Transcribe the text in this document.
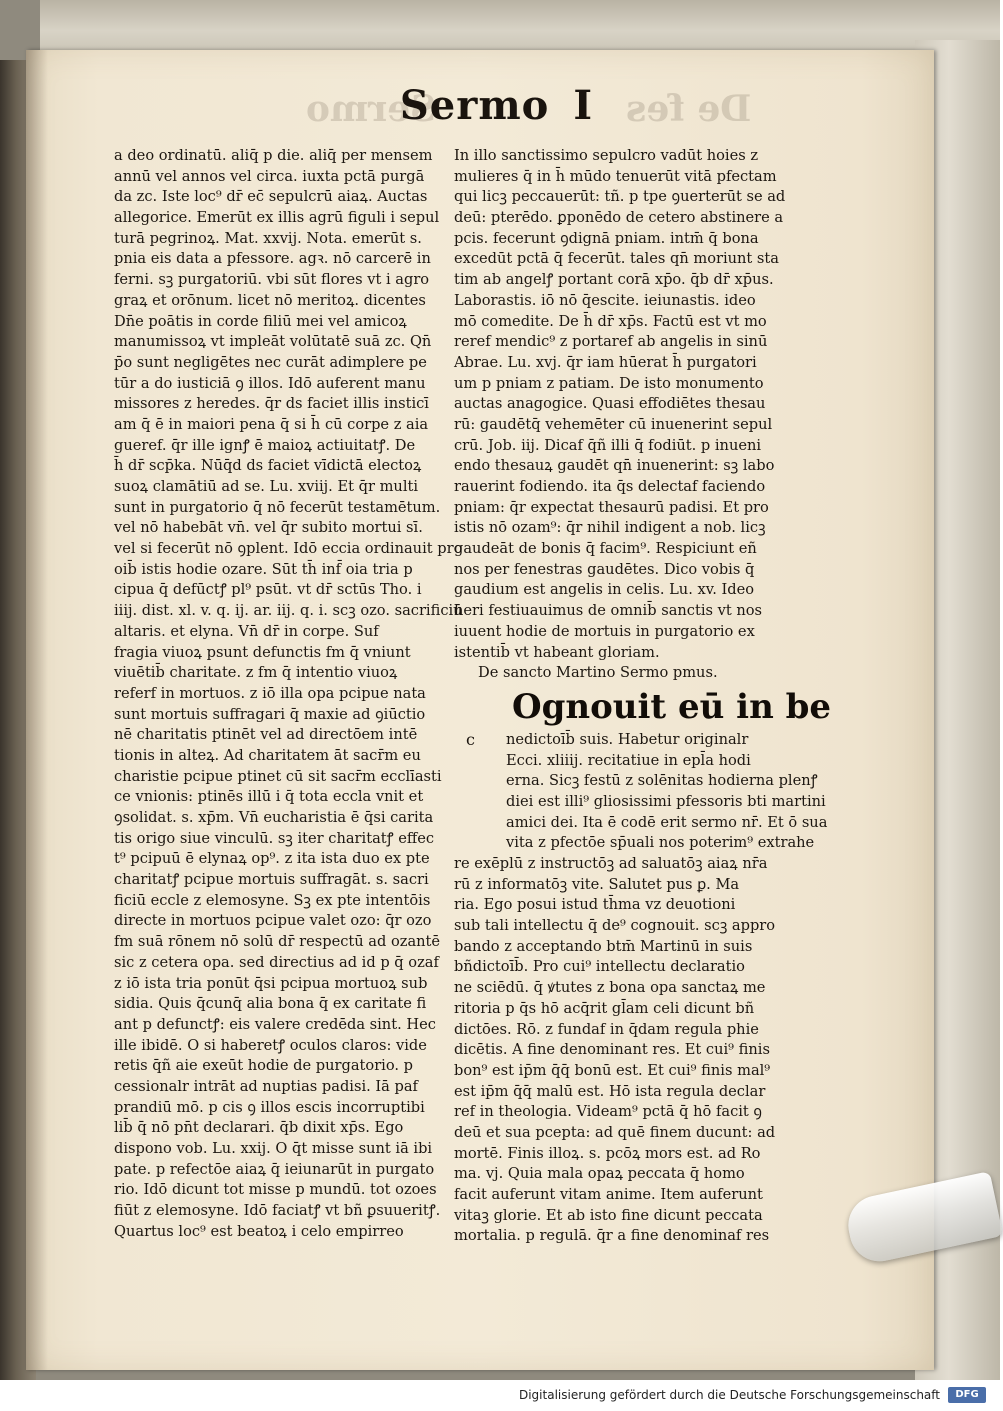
Sermo	De fes
Sermo I
a deo ordinatū. aliq̄ p die. aliq̄ per mensem
annū vel annos vel circa. iuxta pctā purgā
da zc. Iste loc⁹ dr̄ ec̄ sepulcrū aiaꝝ. Auctas
allegorice. Emerūt ex illis agrū figuli i sepul
turā pegrinoꝝ. Mat. xxvij. Nota. emerūt s.
pnia eis data a pfessore. agꝛ. nō carcerē in
ferni. sꝫ purgatoriū. vbi sūt flores vt i agro
graꝝ et orōnum. licet nō meritoꝝ. dicentes
Dn̄e poātis in corde filiū mei vel amicoꝝ
manumissoꝝ vt impleāt volūtatē suā zc. Qn̄
p̄o sunt negligētes nec curāt adimplere pe
tūr a do iusticiā ꝯ illos. Idō auferent manu
missores z heredes. q̄r ds faciet illis insticī
am q̄ ē in maiori pena q̄ si h̄ cū corpe z aia
gueref. q̄r ille ignꝭ ē maioꝝ actiuitatꝭ. De
h̄ dr̄ scp̄ka. Nūq̄d ds faciet vīdictā electoꝝ
suoꝝ clamātiū ad se. Lu. xviij. Et q̄r multi
sunt in purgatorio q̄ nō fecerūt testamētum.
vel nō habebāt vn̄. vel q̄r subito mortui sī.
vel si fecerūt nō ꝯplent. Idō eccia ordinauit pro
oib̄ istis hodie ozare. Sūt th̄ inf̄ oia tria p
cipua q̄ defūctꝭ pl⁹ psūt. vt dr̄ sctūs Tho. i
iiij. dist. xl. v. q. ij. ar. iij. q. i. scꝫ ozo. sacrificiū
altaris. et elyna. Vn̄ dr̄ in corpe. Suf
fragia viuoꝝ psunt defunctis fm q̄ vniunt
viuētib̄ charitate. z fm q̄ intentio viuoꝝ
referf in mortuos. z iō illa opa pcipue nata
sunt mortuis suffragari q̄ maxie ad ꝯiūctio
nē charitatis ptinēt vel ad directōem intē
tionis in alteꝝ. Ad charitatem āt sacr̄m eu
charistie pcipue ptinet cū sit sacr̄m ecclīasti
ce vnionis: ptinēs illū i q̄ tota eccla vnit et
ꝯsolidat. s. xp̄m. Vn̄ eucharistia ē q̄si carita
tis origo siue vinculū. sꝫ iter charitatꝭ effec
t⁹ pcipuū ē elynaꝝ op⁹. z ita ista duo ex pte
charitatꝭ pcipue mortuis suffragāt. s. sacri
ficiū eccle z elemosyne. Sꝫ ex pte intentōis
directe in mortuos pcipue valet ozo: q̄r ozo
fm suā rōnem nō solū dr̄ respectū ad ozantē
sic z cetera opa. sed directius ad id p q̄ ozaf
z iō ista tria ponūt q̄si pcipua mortuoꝝ sub
sidia. Quis q̄cunq̄ alia bona q̄ ex caritate fi
ant p defunctꝭ: eis valere credēda sint. Hec
ille ibidē. O si haberetꝭ oculos claros: vide
retis q̄ñ aie exeūt hodie de purgatorio. p
cessionalr intrāt ad nuptias padisi. Iā paf
prandiū mō. p cis ꝯ illos escis incorruptibi
lib̄ q̄ nō pn̄t declarari. q̄b dixit xp̄s. Ego
dispono vob. Lu. xxij. O q̄t misse sunt iā ibi
pate. p refectōe aiaꝝ q̄ ieiunarūt in purgato
rio. Idō dicunt tot misse p mundū. tot ozoes
fiūt z elemosyne. Idō faciatꝭ vt bñ ꝑsuueritꝭ.
Quartus loc⁹ est beatoꝝ i celo empirreo
In illo sanctissimo sepulcro vadūt hoies z
mulieres q̄ in h̄ mūdo tenuerūt vitā pfectam
qui licꝫ peccauerūt: tñ. p tpe ꝯuerterūt se ad
deū: pterēdo. ꝑponēdo de cetero abstinere a
pcis. fecerunt ꝯdignā pniam. intm̄ q̄ bona
excedūt pctā q̄ fecerūt. tales qn̄ moriunt sta
tim ab angelꝭ portant corā xp̄o. q̄b dr̄ xp̄us.
Laborastis. iō nō q̄escite. ieiunastis. ideo
mō comedite. De h̄ dr̄ xp̄s. Factū est vt mo
reref mendic⁹ z portaref ab angelis in sinū
Abrae. Lu. xvj. q̄r iam hūerat h̄ purgatori
um p pniam z patiam. De isto monumento
auctas anagogice. Quasi effodiētes thesau
rū: gaudētq̄ vehemēter cū inuenerint sepul
crū. Job. iij. Dicaf q̄ñ illi q̄ fodiūt. p inueni
endo thesauꝝ gaudēt qn̄ inuenerint: sꝫ labo
rauerint fodiendo. ita q̄s delectaf faciendo
pniam: q̄r expectat thesaurū padisi. Et pro
istis nō ozam⁹: q̄r nihil indigent a nob. licꝫ
gaudeāt de bonis q̄ facim⁹. Respiciunt eñ
nos per fenestras gaudētes. Dico vobis q̄
gaudium est angelis in celis. Lu. xv. Ideo
heri festiuauimus de omnib̄ sanctis vt nos
iuuent hodie de mortuis in purgatorio ex
istentib̄ vt habeant gloriam.
De sancto Martino Sermo pmus.
Ognouit eū in be
c	nedictoīb̄ suis. Habetur originalr
Ecci. xliiij. recitatiue in epl̄a hodi
erna. Sicꝫ festū z solēnitas hodierna plenꝭ
diei est illi⁹ gliosissimi pfessoris bti martini
amici dei. Ita ē codē erit sermo nr̄. Et ō sua
vita z pfectōe sp̄uali nos poterim⁹ extrahe
re exēplū z instructōꝫ ad saluatōꝫ aiaꝝ nr̄a
rū z informatōꝫ vite. Salutet pus ꝑ. Ma
ria. Ego posui istud th̄ma vz deuotioni
sub tali intellectu q̄ de⁹ cognouit. scꝫ appro
bando z acceptando btm̄ Martinū in suis
bñdictoīb̄. Pro cui⁹ intellectu declaratio
ne sciēdū. q̄ ꝟtutes z bona opa sanctaꝝ me
ritoria p q̄s hō acq̄rit gl̄am celi dicunt bñ
dictōes. Rō. z fundaf in q̄dam regula phie
dicētis. A fine denominant res. Et cui⁹ finis
bon⁹ est ip̄m q̄q̄ bonū est. Et cui⁹ finis mal⁹
est ip̄m q̄q̄ malū est. Hō ista regula declar
ref in theologia. Videam⁹ pctā q̄ hō facit ꝯ
deū et sua pcepta: ad quē finem ducunt: ad
mortē. Finis illoꝝ. s. pcōꝝ mors est. ad Ro
ma. vj. Quia mala opaꝝ peccata q̄ homo
facit auferunt vitam anime. Item auferunt
vitaꝫ glorie. Et ab isto fine dicunt peccata
mortalia. p regulā. q̄r a fine denominaf res
Digitalisierung gefördert durch die Deutsche Forschungsgemeinschaft	DFG
